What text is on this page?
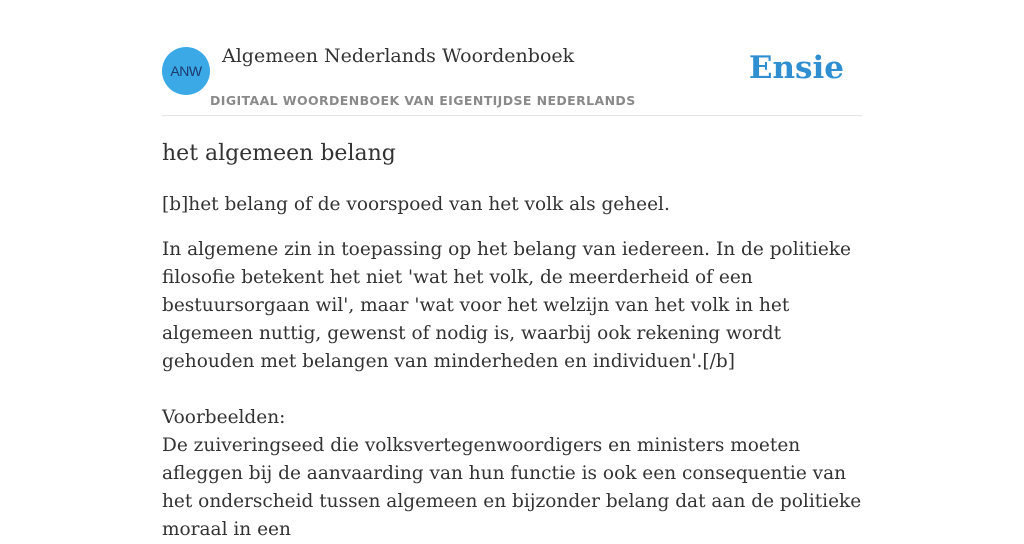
ANW
Algemeen Nederlands Woordenboek
DIGITAAL WOORDENBOEK VAN EIGENTIJDSE NEDERLANDS
Ensie
het algemeen belang

[b]het belang of de voorspoed van het volk als geheel.

In algemene zin in toepassing op het belang van iedereen. In de politieke filosofie betekent het niet 'wat het volk, de meerderheid of een bestuursorgaan wil', maar 'wat voor het welzijn van het volk in het algemeen nuttig, gewenst of nodig is, waarbij ook rekening wordt gehouden met belangen van minderheden en individuen'.[/b]

Voorbeelden:
De zuiveringseed die volksvertegenwoordigers en ministers moeten afleggen bij de aanvaarding van hun functie is ook een consequentie van het onderscheid tussen algemeen en bijzonder belang dat aan de politieke moraal in een
